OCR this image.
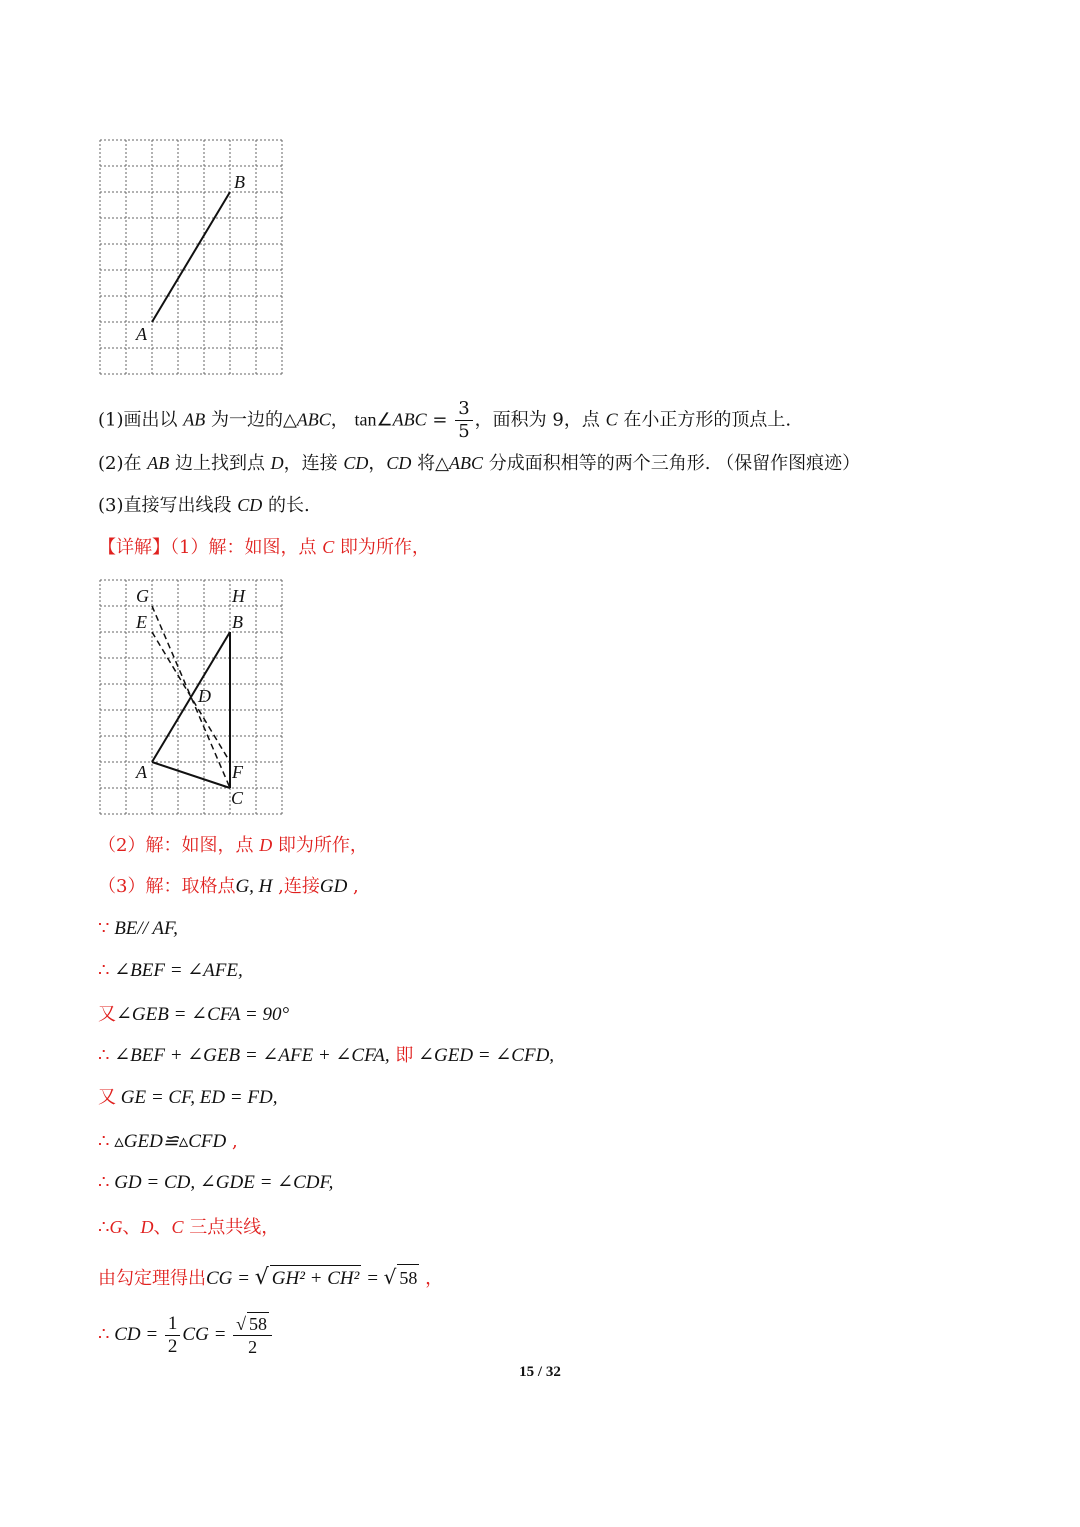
A
B
(1)画出以 AB 为一边的△ABC， tan∠ABC = $\frac{3}{5}$ ，面积为 9，点 C 在小正方形的顶点上.
(2)在 AB 边上找到点 D，连接 CD，CD 将△ABC 分成面积相等的两个三角形. （保留作图痕迹）
(3)直接写出线段 CD 的长.
【详解】（1）解：如图，点 C 即为所作，
G	H
E	B
D
A	F
C
（2）解：如图，点 D 即为所作，
（3）解：取格点G, H ,连接GD ,
∵ BE// AF,
∴ ∠BEF = ∠AFE,
又∠GEB = ∠CFA = 90°
∴ ∠BEF + ∠GEB = ∠AFE + ∠CFA, 即 ∠GED = ∠CFD,
又 GE = CF, ED = FD,
∴ ▵GED≌▵CFD ,
∴ GD = CD, ∠GDE = ∠CDF,
∴G、D、C 三点共线，
由勾定理得出CG = √ GH² + CH² = √ 58 ，
∴ CD = $\frac{1}{2}$ CG = $\frac{√ 58}{2}$
15 / 32
